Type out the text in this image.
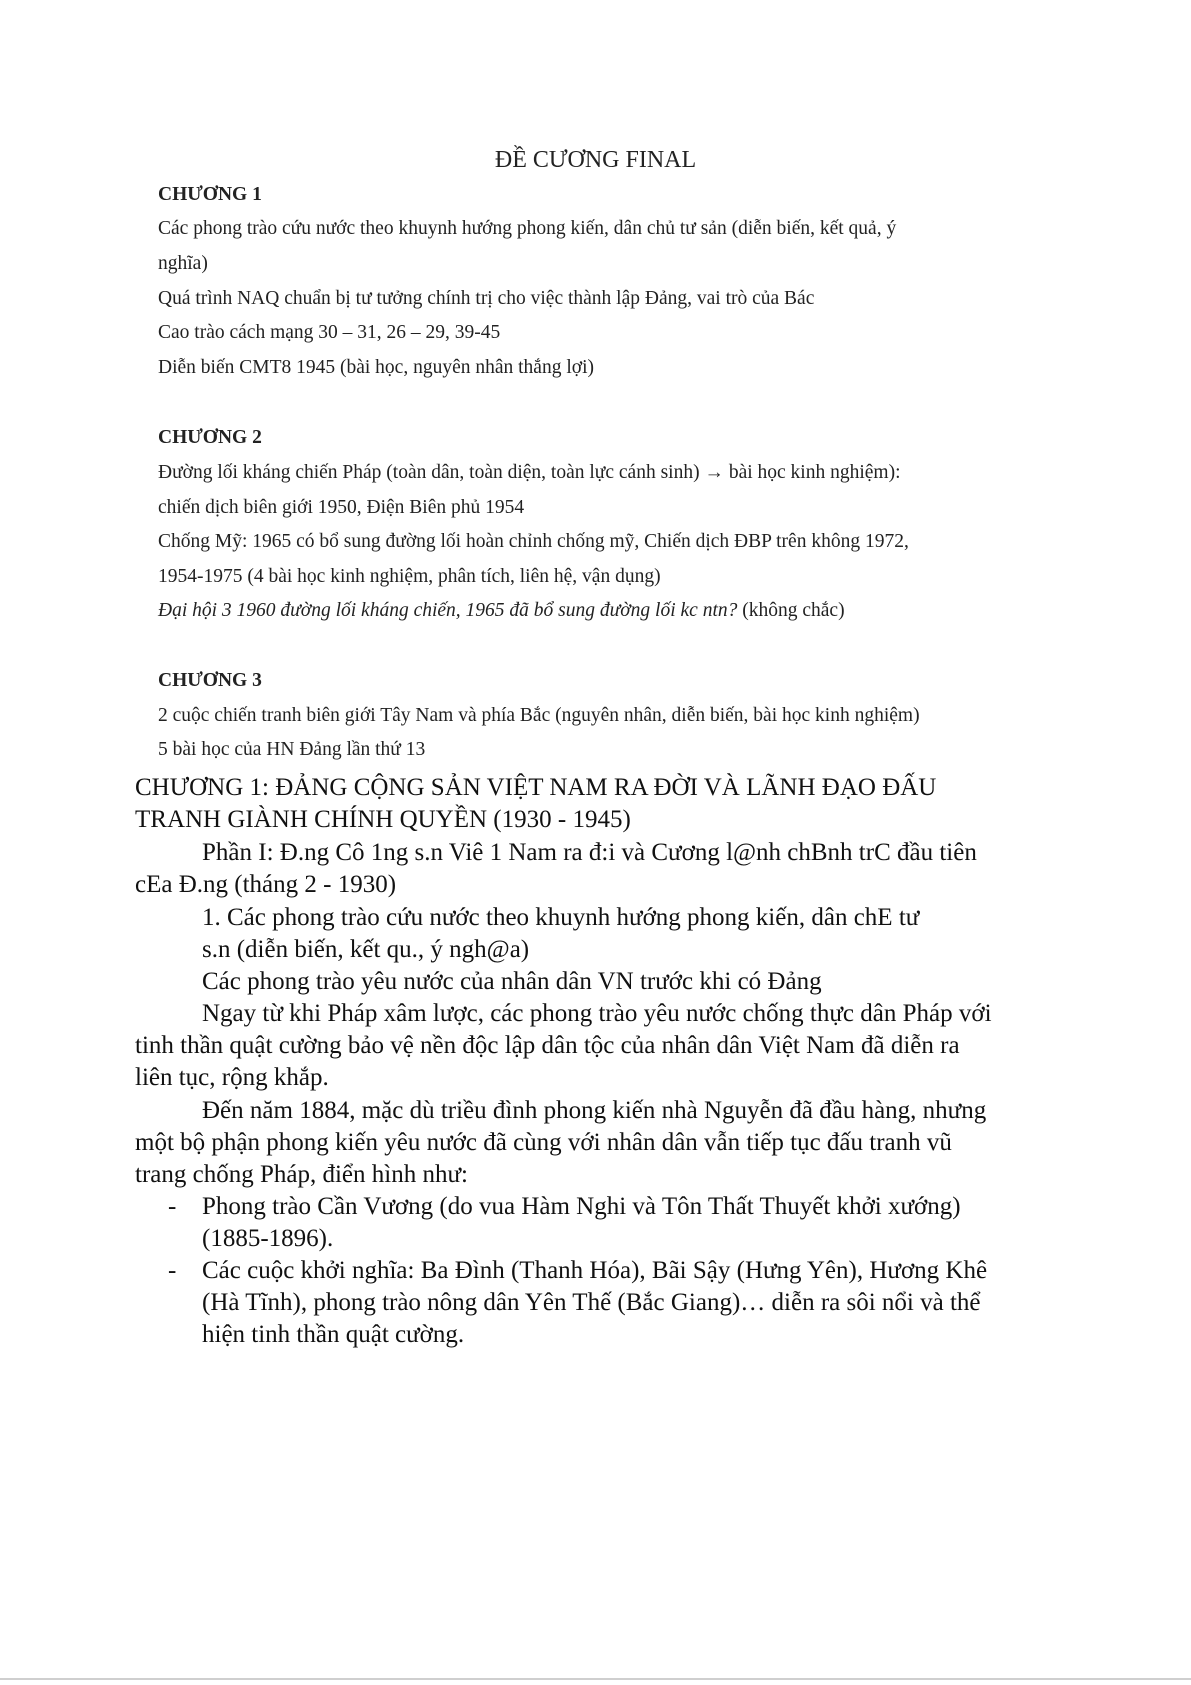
ĐỀ CƯƠNG FINAL
CHƯƠNG 1
Các phong trào cứu nước theo khuynh hướng phong kiến, dân chủ tư sản (diễn biến, kết quả, ý
nghĩa)
Quá trình NAQ chuẩn bị tư tưởng chính trị cho việc thành lập Đảng, vai trò của Bác
Cao trào cách mạng 30 – 31, 26 – 29, 39-45
Diễn biến CMT8 1945 (bài học, nguyên nhân thắng lợi)
CHƯƠNG 2
Đường lối kháng chiến Pháp (toàn dân, toàn diện, toàn lực cánh sinh) → bài học kinh nghiệm):
chiến dịch biên giới 1950, Điện Biên phủ 1954
Chống Mỹ: 1965 có bổ sung đường lối hoàn chỉnh chống mỹ, Chiến dịch ĐBP trên không 1972,
1954-1975 (4 bài học kinh nghiệm, phân tích, liên hệ, vận dụng)
Đại hội 3 1960 đường lối kháng chiến, 1965 đã bổ sung đường lối kc ntn? (không chắc)
CHƯƠNG 3
2 cuộc chiến tranh biên giới Tây Nam và phía Bắc (nguyên nhân, diễn biến, bài học kinh nghiệm)
5 bài học của HN Đảng lần thứ 13
CHƯƠNG 1: ĐẢNG CỘNG SẢN VIỆT NAM RA ĐỜI VÀ LÃNH ĐẠO ĐẤU
TRANH GIÀNH CHÍNH QUYỀN (1930 - 1945)
Phần I: Đ.ng Cô 1ng s.n Viê 1 Nam ra đ:i và Cương l@nh chBnh trC đầu tiên
cEa Đ.ng (tháng 2 - 1930)
1. Các phong trào cứu nước theo khuynh hướng phong kiến, dân chE tư
s.n (diễn biến, kết qu., ý ngh@a)
Các phong trào yêu nước của nhân dân VN trước khi có Đảng
Ngay từ khi Pháp xâm lược, các phong trào yêu nước chống thực dân Pháp với
tinh thần quật cường bảo vệ nền độc lập dân tộc của nhân dân Việt Nam đã diễn ra
liên tục, rộng khắp.
Đến năm 1884, mặc dù triều đình phong kiến nhà Nguyễn đã đầu hàng, nhưng
một bộ phận phong kiến yêu nước đã cùng với nhân dân vẫn tiếp tục đấu tranh vũ
trang chống Pháp, điển hình như:
- Phong trào Cần Vương (do vua Hàm Nghi và Tôn Thất Thuyết khởi xướng)
(1885-1896).
- Các cuộc khởi nghĩa: Ba Đình (Thanh Hóa), Bãi Sậy (Hưng Yên), Hương Khê
(Hà Tĩnh), phong trào nông dân Yên Thế (Bắc Giang)… diễn ra sôi nổi và thể
hiện tinh thần quật cường.
